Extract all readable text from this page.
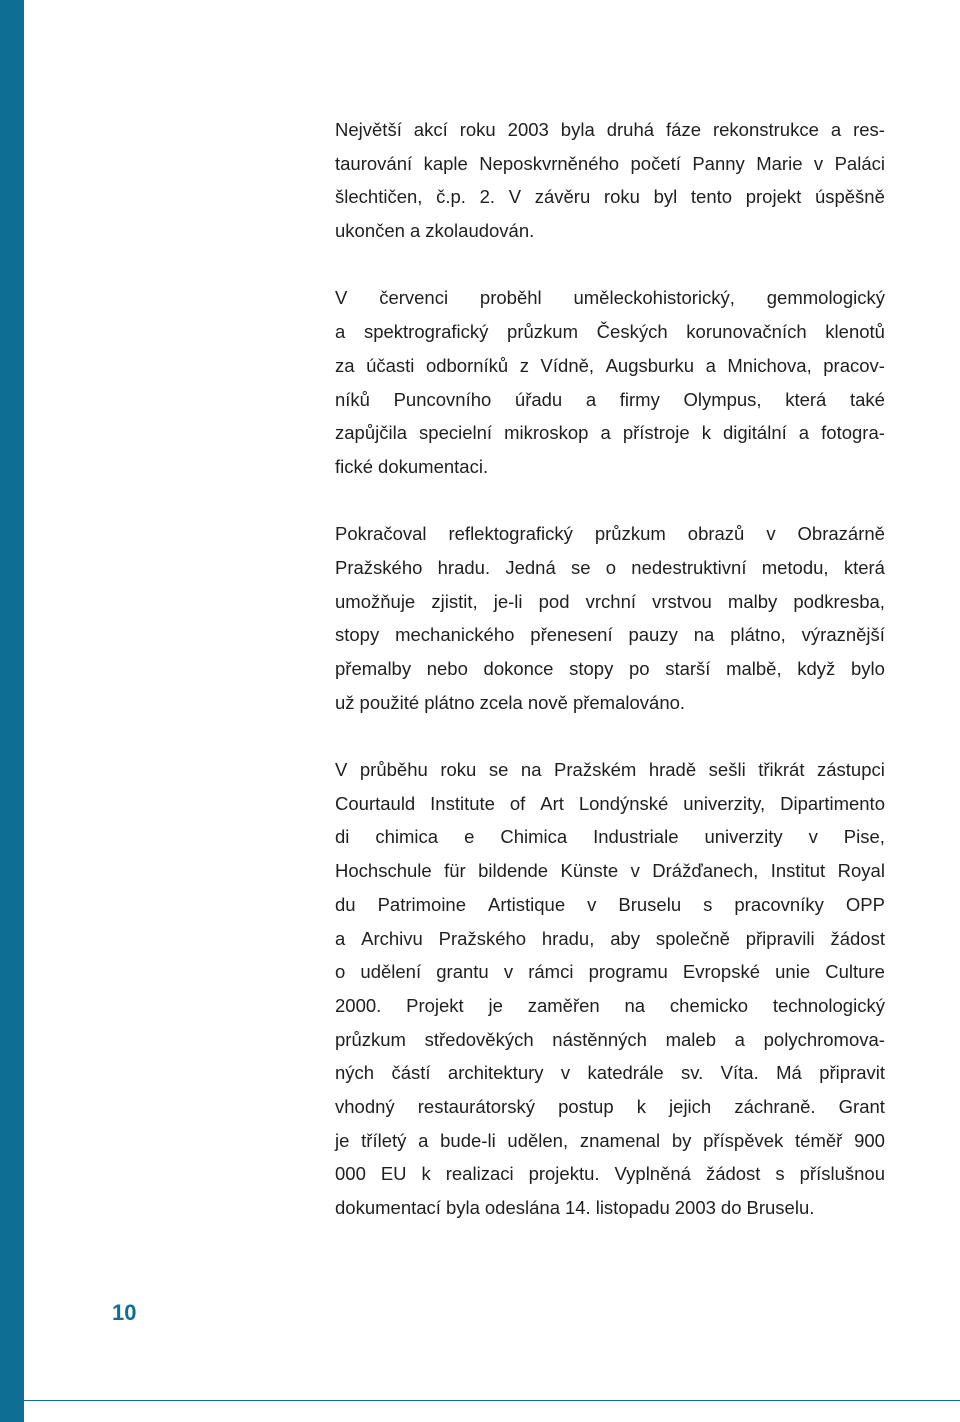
Největší akcí roku 2003 byla druhá fáze rekonstrukce a res-
taurování kaple Neposkvrněného početí Panny Marie v Paláci
šlechtičen, č.p. 2. V závěru roku byl tento projekt úspěšně
ukončen a zkolaudován.
V červenci proběhl uměleckohistorický, gemmologický
a spektrografický průzkum Českých korunovačních klenotů
za účasti odborníků z Vídně, Augsburku a Mnichova, pracov-
níků Puncovního úřadu a firmy Olympus, která také
zapůjčila specielní mikroskop a přístroje k digitální a fotogra-
fické dokumentaci.
Pokračoval reflektografický průzkum obrazů v Obrazárně
Pražského hradu. Jedná se o nedestruktivní metodu, která
umožňuje zjistit, je-li pod vrchní vrstvou malby podkresba,
stopy mechanického přenesení pauzy na plátno, výraznější
přemalby nebo dokonce stopy po starší malbě, když bylo
už použité plátno zcela nově přemalováno.
V průběhu roku se na Pražském hradě sešli třikrát zástupci
Courtauld Institute of Art Londýnské univerzity, Dipartimento
di chimica e Chimica Industriale univerzity v Pise,
Hochschule für bildende Künste v Drážďanech, Institut Royal
du Patrimoine Artistique v Bruselu s pracovníky OPP
a Archivu Pražského hradu, aby společně připravili žádost
o udělení grantu v rámci programu Evropské unie Culture
2000. Projekt je zaměřen na chemicko technologický
průzkum středověkých nástěnných maleb a polychromova-
ných částí architektury v katedrále sv. Víta. Má připravit
vhodný restaurátorský postup k jejich záchraně. Grant
je tříletý a bude-li udělen, znamenal by příspěvek téměř 900
000 EU k realizaci projektu. Vyplněná žádost s příslušnou
dokumentací byla odeslána 14. listopadu 2003 do Bruselu.
10
